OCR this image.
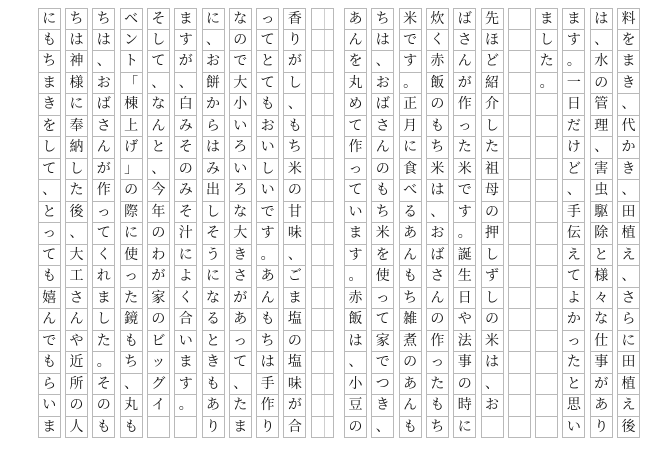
料
を
ま
き
、
代
か
き
、
田
植
え
、
さ
ら
に
田
植
え
後
は
、
水
の
管
理
、
害
虫
駆
除
と
様
々
な
仕
事
が
あ
り
ま
す
。
一
日
だ
け
ど
、
手
伝
え
て
よ
か
っ
た
と
思
い
ま
し
た
。
先
ほ
ど
紹
介
し
た
祖
母
の
押
し
ず
し
の
米
は
、
お
ば
さ
ん
が
作
っ
た
米
で
す
。
誕
生
日
や
法
事
の
時
に
炊
く
赤
飯
の
も
ち
米
は
、
お
ば
さ
ん
の
作
っ
た
も
ち
米
で
す
。
正
月
に
食
べ
る
あ
ん
も
ち
雑
煮
の
あ
ん
も
ち
は
、
お
ば
さ
ん
の
も
ち
米
を
使
っ
て
家
で
つ
き
、
あ
ん
を
丸
め
て
作
っ
て
い
ま
す
。
赤
飯
は
、
小
豆
の
香
り
が
し
、
も
ち
米
の
甘
味
、
ご
ま
塩
の
塩
味
が
合
っ
て
と
て
も
お
い
し
い
で
す
。
あ
ん
も
ち
は
手
作
り
な
の
で
大
小
い
ろ
い
ろ
な
大
き
さ
が
あ
っ
て
、
た
ま
に
、
お
餅
か
ら
は
み
出
し
そ
う
に
な
る
と
き
も
あ
り
ま
す
が
、
白
み
そ
の
み
そ
汁
に
よ
く
合
い
ま
す
。
そ
し
て
、
な
ん
と
、
今
年
の
わ
が
家
の
ビ
ッ
グ
イ
ベ
ン
ト
「
棟
上
げ
」
の
際
に
使
っ
た
鏡
も
ち
、
丸
も
ち
は
、
お
ば
さ
ん
が
作
っ
て
く
れ
ま
し
た
。
そ
の
も
ち
は
神
様
に
奉
納
し
た
後
、
大
工
さ
ん
や
近
所
の
人
に
も
ち
ま
き
を
し
て
、
と
っ
て
も
嬉
ん
で
も
ら
い
ま
